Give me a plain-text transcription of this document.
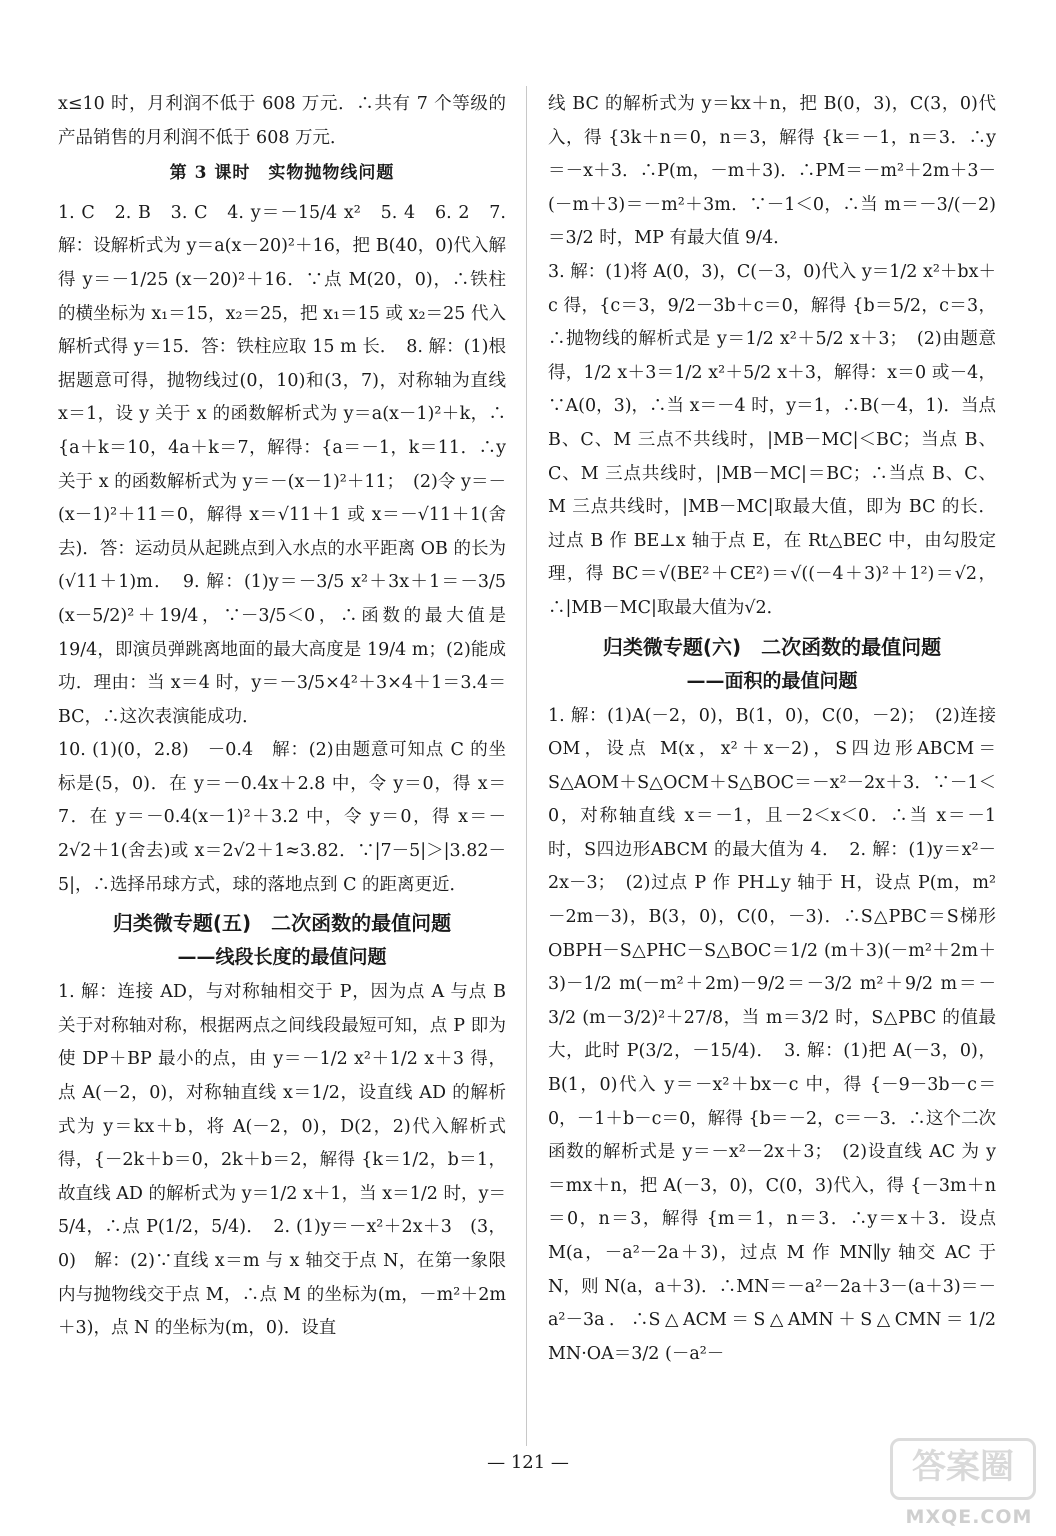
x≤10 时，月利润不低于 608 万元．∴共有 7 个等级的产品销售的月利润不低于 608 万元．

第 3 课时　实物抛物线问题

1. C　2. B　3. C　4. y＝－15/4 x²　5. 4　6. 2　7. 解：设解析式为 y＝a(x－20)²＋16，把 B(40，0)代入解得 y＝－1/25 (x－20)²＋16．∵点 M(20，0)，∴铁柱的横坐标为 x₁＝15，x₂＝25，把 x₁＝15 或 x₂＝25 代入解析式得 y＝15．答：铁柱应取 15 m 长．　8. 解：(1)根据题意可得，抛物线过(0，10)和(3，7)，对称轴为直线 x＝1，设 y 关于 x 的函数解析式为 y＝a(x－1)²＋k，∴ {a＋k＝10，4a＋k＝7，解得：{a＝－1，k＝11．∴y 关于 x 的函数解析式为 y＝－(x－1)²＋11；　(2)令 y＝－(x－1)²＋11＝0，解得 x＝√11＋1 或 x＝－√11＋1(舍去)．答：运动员从起跳点到入水点的水平距离 OB 的长为(√11＋1)m．　9. 解：(1)y＝－3/5 x²＋3x＋1＝－3/5 (x－5/2)²＋19/4，∵－3/5＜0，∴函数的最大值是 19/4，即演员弹跳离地面的最大高度是 19/4 m；(2)能成功．理由：当 x＝4 时，y＝－3/5×4²＋3×4＋1＝3.4＝BC，∴这次表演能成功．

10. (1)(0，2.8)　－0.4　解：(2)由题意可知点 C 的坐标是(5，0)．在 y＝－0.4x＋2.8 中，令 y＝0，得 x＝7．在 y＝－0.4(x－1)²＋3.2 中，令 y＝0，得 x＝－2√2＋1(舍去)或 x＝2√2＋1≈3.82．∵|7－5|＞|3.82－5|，∴选择吊球方式，球的落地点到 C 的距离更近．

归类微专题(五)　二次函数的最值问题

——线段长度的最值问题

1. 解：连接 AD，与对称轴相交于 P，因为点 A 与点 B 关于对称轴对称，根据两点之间线段最短可知，点 P 即为使 DP＋BP 最小的点，由 y＝－1/2 x²＋1/2 x＋3 得，点 A(－2，0)，对称轴直线 x＝1/2，设直线 AD 的解析式为 y＝kx＋b，将 A(－2，0)，D(2，2)代入解析式得，{－2k＋b＝0，2k＋b＝2，解得 {k＝1/2，b＝1，故直线 AD 的解析式为 y＝1/2 x＋1，当 x＝1/2 时，y＝5/4，∴点 P(1/2，5/4)．　2. (1)y＝－x²＋2x＋3　(3，0)　解：(2)∵直线 x＝m 与 x 轴交于点 N，在第一象限内与抛物线交于点 M，∴点 M 的坐标为(m，－m²＋2m＋3)，点 N 的坐标为(m，0)．设直

线 BC 的解析式为 y＝kx＋n，把 B(0，3)，C(3，0)代入，得 {3k＋n＝0，n＝3，解得 {k＝－1，n＝3．∴y＝－x＋3．∴P(m，－m＋3)．∴PM＝－m²＋2m＋3－(－m＋3)＝－m²＋3m．∵－1＜0，∴当 m＝－3/(－2)＝3/2 时，MP 有最大值 9/4．

3. 解：(1)将 A(0，3)，C(－3，0)代入 y＝1/2 x²＋bx＋c 得，{c＝3，9/2－3b＋c＝0，解得 {b＝5/2，c＝3，∴抛物线的解析式是 y＝1/2 x²＋5/2 x＋3；　(2)由题意得，1/2 x＋3＝1/2 x²＋5/2 x＋3，解得：x＝0 或－4，∵A(0，3)，∴当 x＝－4 时，y＝1，∴B(－4，1)．当点 B、C、M 三点不共线时，|MB－MC|＜BC；当点 B、C、M 三点共线时，|MB－MC|＝BC；∴当点 B、C、M 三点共线时，|MB－MC|取最大值，即为 BC 的长．过点 B 作 BE⊥x 轴于点 E，在 Rt△BEC 中，由勾股定理，得 BC＝√(BE²＋CE²)＝√((－4＋3)²＋1²)＝√2，∴|MB－MC|取最大值为√2．

归类微专题(六)　二次函数的最值问题

——面积的最值问题

1. 解：(1)A(－2，0)，B(1，0)，C(0，－2)；　(2)连接 OM，设点 M(x，x²＋x－2)，S四边形ABCM＝S△AOM＋S△OCM＋S△BOC＝－x²－2x＋3．∵－1＜0，对称轴直线 x＝－1，且－2＜x＜0．∴当 x＝－1 时，S四边形ABCM 的最大值为 4．　2. 解：(1)y＝x²－2x－3；　(2)过点 P 作 PH⊥y 轴于 H，设点 P(m，m²－2m－3)，B(3，0)，C(0，－3)．∴S△PBC＝S梯形OBPH－S△PHC－S△BOC＝1/2 (m＋3)(－m²＋2m＋3)－1/2 m(－m²＋2m)－9/2＝－3/2 m²＋9/2 m＝－3/2 (m－3/2)²＋27/8，当 m＝3/2 时，S△PBC 的值最大，此时 P(3/2，－15/4)．　3. 解：(1)把 A(－3，0)，B(1，0)代入 y＝－x²＋bx－c 中，得 {－9－3b－c＝0，－1＋b－c＝0，解得 {b＝－2，c＝－3．∴这个二次函数的解析式是 y＝－x²－2x＋3；　(2)设直线 AC 为 y＝mx＋n，把 A(－3，0)，C(0，3)代入，得 {－3m＋n＝0，n＝3，解得 {m＝1，n＝3．∴y＝x＋3．设点 M(a，－a²－2a＋3)，过点 M 作 MN∥y 轴交 AC 于 N，则 N(a，a＋3)．∴MN＝－a²－2a＋3－(a＋3)＝－a²－3a．∴S△ACM＝S△AMN＋S△CMN＝1/2 MN·OA＝3/2 (－a²－

— 121 —	答案圈
MXQE.COM
